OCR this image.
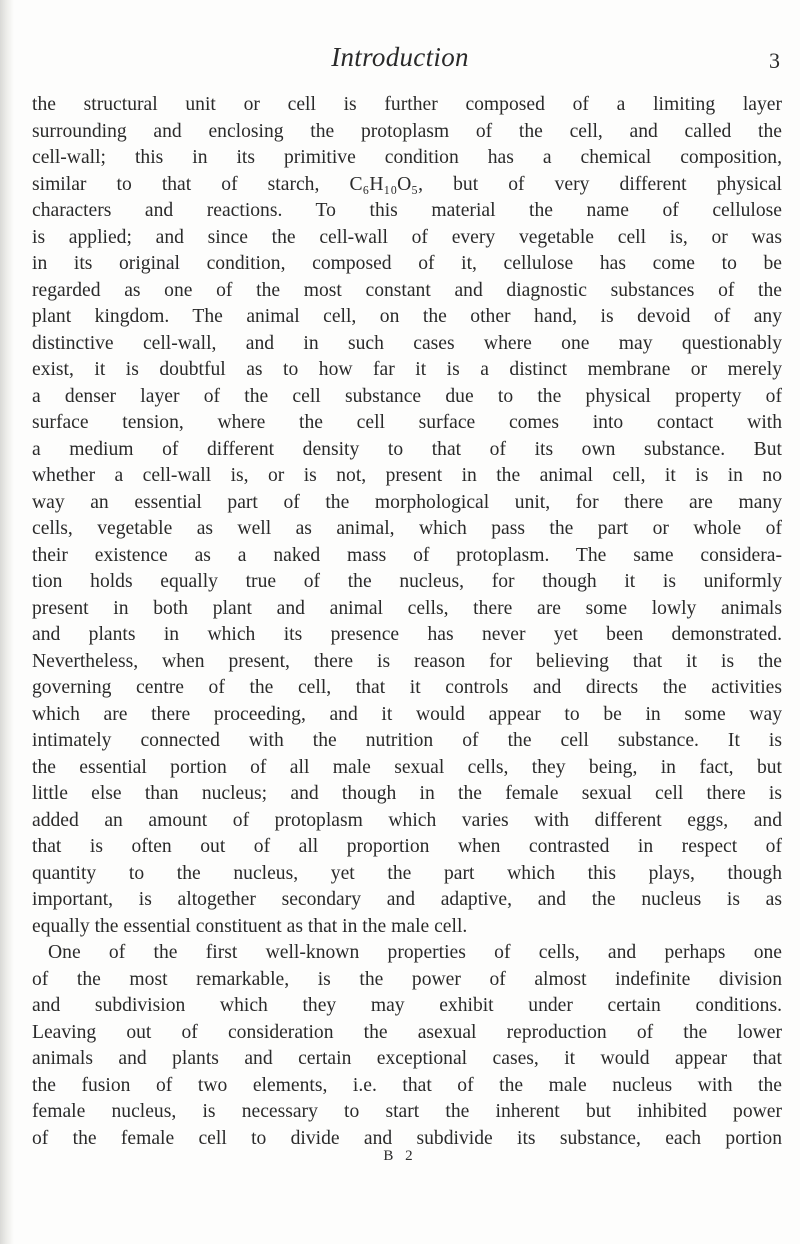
Introduction	3
the structural unit or cell is further composed of a limiting layer
surrounding and enclosing the protoplasm of the cell, and called the
cell-wall; this in its primitive condition has a chemical composition,
similar to that of starch, C₆H₁₀O₅, but of very different physical
characters and reactions. To this material the name of cellulose
is applied; and since the cell-wall of every vegetable cell is, or was
in its original condition, composed of it, cellulose has come to be
regarded as one of the most constant and diagnostic substances of the
plant kingdom. The animal cell, on the other hand, is devoid of any
distinctive cell-wall, and in such cases where one may questionably
exist, it is doubtful as to how far it is a distinct membrane or merely
a denser layer of the cell substance due to the physical property of
surface tension, where the cell surface comes into contact with
a medium of different density to that of its own substance. But
whether a cell-wall is, or is not, present in the animal cell, it is in no
way an essential part of the morphological unit, for there are many
cells, vegetable as well as animal, which pass the part or whole of
their existence as a naked mass of protoplasm. The same considera-
tion holds equally true of the nucleus, for though it is uniformly
present in both plant and animal cells, there are some lowly animals
and plants in which its presence has never yet been demonstrated.
Nevertheless, when present, there is reason for believing that it is the
governing centre of the cell, that it controls and directs the activities
which are there proceeding, and it would appear to be in some way
intimately connected with the nutrition of the cell substance. It is
the essential portion of all male sexual cells, they being, in fact, but
little else than nucleus; and though in the female sexual cell there is
added an amount of protoplasm which varies with different eggs, and
that is often out of all proportion when contrasted in respect of
quantity to the nucleus, yet the part which this plays, though
important, is altogether secondary and adaptive, and the nucleus is as
equally the essential constituent as that in the male cell.
One of the first well-known properties of cells, and perhaps one
of the most remarkable, is the power of almost indefinite division
and subdivision which they may exhibit under certain conditions.
Leaving out of consideration the asexual reproduction of the lower
animals and plants and certain exceptional cases, it would appear that
the fusion of two elements, i.e. that of the male nucleus with the
female nucleus, is necessary to start the inherent but inhibited power
of the female cell to divide and subdivide its substance, each portion
B 2
